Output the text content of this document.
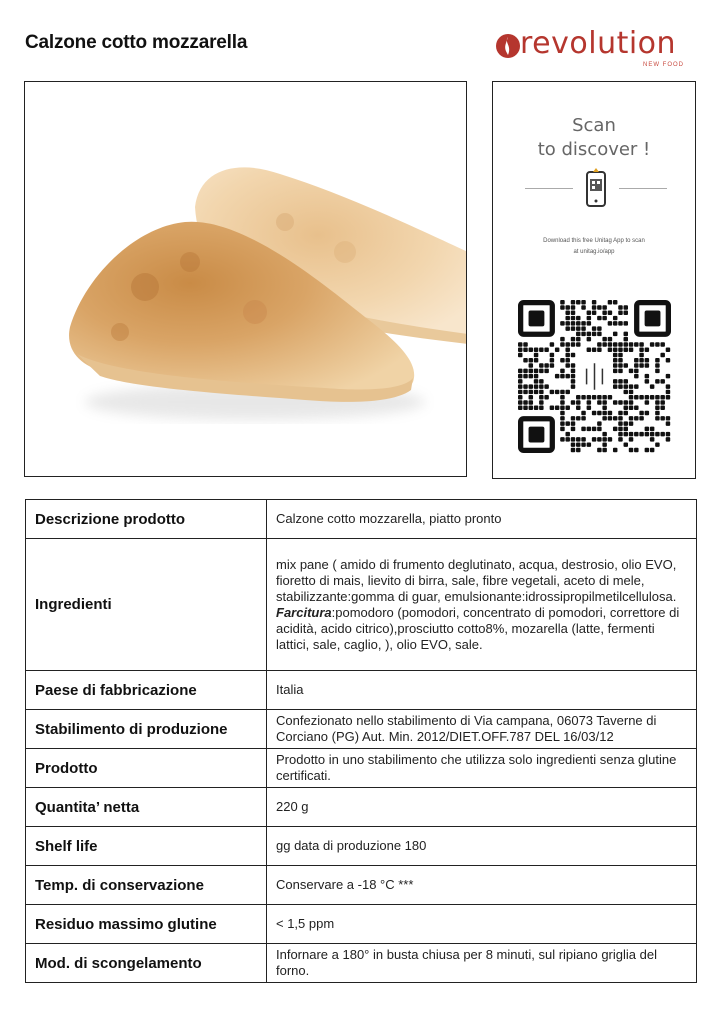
Calzone cotto mozzarella	revolution
NEW FOOD
Scan
to discover !
Download this free Unitag App to scan
at unitag.io/app
Descrizione prodotto	Calzone cotto mozzarella, piatto pronto
Ingredienti	mix pane ( amido di frumento deglutinato, acqua, destrosio, olio EVO, fioretto di mais, lievito di birra, sale, fibre vegetali, aceto di mele, stabilizzante:gomma di guar, emulsionante:idrossipropilmetilcellulosa. Farcitura:pomodoro (pomodori, concentrato di pomodori, correttore di acidità, acido citrico),prosciutto cotto8%, mozarella (latte, fermenti lattici, sale, caglio, ), olio EVO, sale.
Paese di fabbricazione	Italia
Stabilimento di produzione	Confezionato nello stabilimento di Via campana, 06073 Taverne di Corciano (PG) Aut. Min. 2012/DIET.OFF.787 DEL 16/03/12
Prodotto	Prodotto in uno stabilimento che utilizza solo ingredienti senza glutine certificati.
Quantita’ netta	220 g
Shelf life	gg data di produzione 180
Temp. di conservazione	Conservare a -18 °C ***
Residuo massimo glutine	< 1,5 ppm
Mod. di scongelamento	Infornare a 180° in busta chiusa per 8 minuti, sul ripiano griglia del forno.
